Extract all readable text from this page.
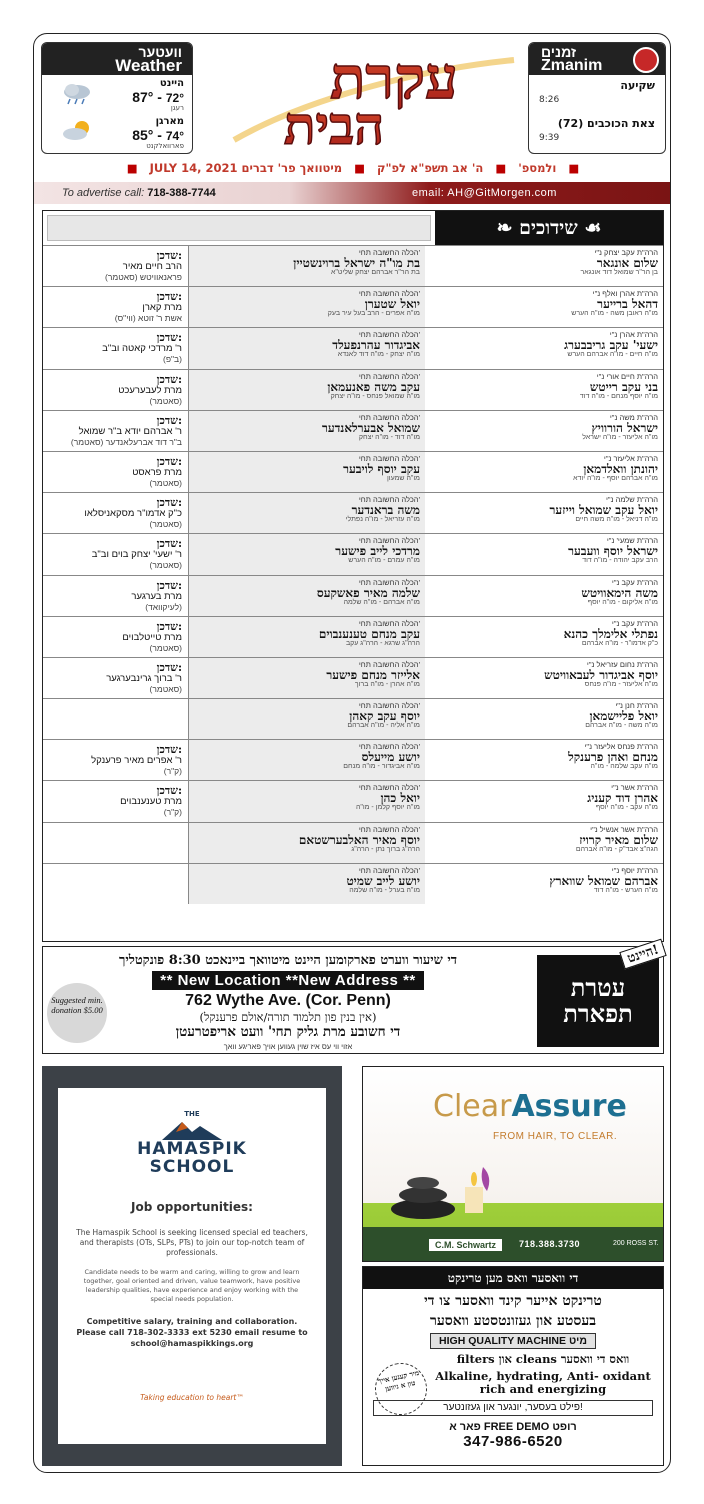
וועטער
Weather
היינט
87° - 72°
רעגן
מארגן
85° - 74°
פארוואלקנט
עקרת
הבית
זמנים
Zmanim
שקיעה
8:26
צאת הכוכבים (72)
9:39
■ JULY 14, 2021 ולמספ' ■ ה' אב תשפ"א לפ"ק ■ מיטוואך פר' דברים	■
To advertise call: 718-388-7744	email: AH@GitMorgen.com
❧ שידוכים ☙
שדכן:
הרב חיים מאיר
פראנאוויטש (סאטמר)
הכלה החשובה תחי'
בת מו"ה ישראל ברוינשטיין
בת הר"ר אברהם יצחק שליט"א
הרה"ת עקב יצחק נ"י
שלום אונגאר
בן הר"ר שמואל דוד אונגאר
שדכן:
מרת קארן
אשת ר' זוטא (ווי"ס)
הכלה החשובה תחי'
יואל שטערן
מו"ה אפרים - הרב בעל עיר בעק
הרה"ת אהרן ואלף נ"י
דהאל ברייער
מו"ה ראובן משה - מו"ה הערש
שדכן:
ר' מרדכי קאטה וב"ב
(ב"פ)
הכלה החשובה תחי'
אביגדור עהרנפעלד
מו"ה יצחק - מו"ה דוד לאנדא
הרה"ת אהרן נ"י
ישעי' עקב גריבבערג
מו"ה חיים - מו"ה אברהם הערש
שדכן:
מרת לעבערעכט
(סאטמר)
הכלה החשובה תחי'
עקב משה פאנעמאן
מו"ה שמואל פנחס - מו"ה יצחק
הרה"ת חיים אורי נ"י
בני עקב רייטש
מו"ה יוסף מנחם - מו"ה דוד
שדכן:
ר' אברהם יודא ב"ר שמואל
ב"ר דוד אברעלאנדער (סאטמר)
הכלה החשובה תחי'
שמואל אבערלאנדער
מו"ה דוד - מו"ה יצחק
הרה"ת משה נ"י
ישראל הורוויץ
מו"ה אליעזר - מו"ה ישראל
שדכן:
מרת פראסט
(סאטמר)
הכלה החשובה תחי'
עקב יוסף לויבער
מו"ה שמעון
הרה"ת אליעזר נ"י
יהונתן וואלדמאן
מו"ה אברהם יוסף - מו"ה יודא
שדכן:
כ"ק אדמו"ר מסקאניסלאו
(סאטמר)
הכלה החשובה תחי'
משה בראנדער
מו"ה עזריאל - מו"ה נפתלי
הרה"ת שלמה נ"י
יואל עקב שמואל וייזער
מו"ה דניאל - מו"ה משה חיים
שדכן:
ר' ישעי' יצחק בוים וב"ב
(סאטמר)
הכלה החשובה תחי'
מרדכי לייב פישער
מו"ה עמרם - מו"ה הערש
הרה"ת שמעי' נ"י
ישראל יוסף וועבער
הרב עקב יהודה - מו"ה דוד
שדכן:
מרת בערגער
(לעיקוואד)
הכלה החשובה תחי'
שלמה מאיר פאשקעס
מו"ה אברהם - מו"ה שלמה
הרה"ת עקב נ"י
משה הימאוויטש
מו"ה אליקום - מו"ה יוסף
שדכן:
מרת טייטלבוים
(סאטמר)
הכלה החשובה תחי'
עקב מנחם טענענבוים
הרה"ג שרגא - הרה"ג עקב
הרה"ת עקב נ"י
נפתלי אלימלך כהנא
כ"ק אדמו"ר - מו"ה אברהם
שדכן:
ר' ברוך גרינבערגער
(סאטמר)
הכלה החשובה תחי'
אלייזר מנחם פישער
מו"ה אהרן - מו"ה ברוך
הרה"ת נחום עזריאל נ"י
יוסף אביגדור לעבאוויטש
מו"ה אליעזר - מו"ה פנחס
הכלה החשובה תחי'
יוסף עקב קאהן
מו"ה אליה - מו"ה אברהם
הרה"ת חנן נ"י
יואל פליישמאן
מו"ה משה - מו"ה אברהם
שדכן:
ר' אפרים מאיר פרענקל
(ק"ר)
הכלה החשובה תחי'
יושע מייעלס
מו"ה אביגדור - מו"ה מנחם
הרה"ת פנחס אליעזר נ"י
מנחם ואהן פרענקל
מו"ה עקב שלמה - מו"ה
שדכן:
מרת טענענבוים
(ק"ר)
הכלה החשובה תחי'
יואל כהן
מו"ה יוסף קלמן - מו"ה
הרה"ת אשר נ"י
אהרן דוד קעניג
מו"ה עקב - מו"ה יוסף
הכלה החשובה תחי'
יוסף מאיר האלבערשטאם
הרה"ג ברוך נתן - הרה"ג
הרה"ת אשר אנשיל נ"י
שלום מאיר קרויז
הגה"צ אבד"ק - מו"ה אברהם
הכלה החשובה תחי'
יושע לייב שמיט
מו"ה בערל - מו"ה שלמה
הרה"ת יוסף נ"י
אברהם שמואל שווארץ
מו"ה הערש - מו"ה דוד
די שיעור ווערט פארקומען היינט מיטוואך ביינאכט 8:30 פונקטליך
** New Location **New Address **
762 Wythe Ave. (Cor. Penn)
(אין בנין פון תלמוד תורה/אולם פרענקל)
די חשובע מרת גליק תחי' וועט אריפטרעטן
אזוי ווי עס איז שוין געווען אויך פאריגע וואך
Suggested min. donation $5.00
היינט!
עטרת
תפארת
THE
HAMASPIK
SCHOOL
Job opportunities:
The Hamaspik School is seeking licensed special ed teachers, and therapists (OTs, SLPs, PTs) to join our top-notch team of professionals.
Candidate needs to be warm and caring, willing to grow and learn together, goal oriented and driven, value teamwork, have positive leadership qualities, have experience and enjoy working with the special needs population.
Competitive salary, training and collaboration. Please call 718-302-3333 ext 5230 email resume to school@hamaspikkings.org
Taking education to heart™
ClearAssure
FROM HAIR, TO CLEAR.
C.M. Schwartz	718.388.3730	200 ROSS ST.
די וואסער וואס מען טרינקט
טרינקט אייער קינד וואסער צו די
בעסטע און געזונטסטע וואסער
HIGH QUALITY MACHINE מיט
filters און cleans וואס די וואסער
Alkaline, hydrating, Anti- oxidant rich and energizing
פילט בעסער, יונגער און געזונטער!
פאר א FREE DEMO רופט
347-986-6520
מיר קענען אייך טון א גיווען
